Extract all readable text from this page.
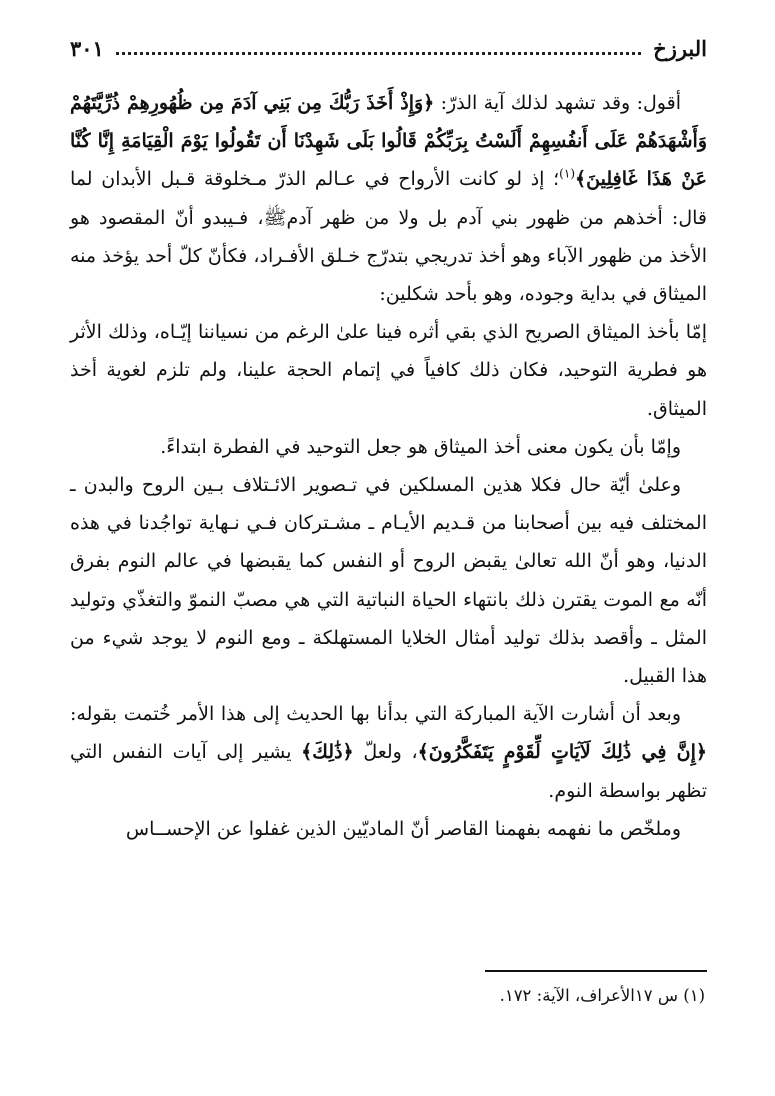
البرزخ
٣٠١

أقول: وقد تشهد لذلك آية الذرّ: ﴿وَإِذْ أَخَذَ رَبُّكَ مِن بَنِي آدَمَ مِن ظُهُورِهِمْ ذُرِّيَّتَهُمْ وَأَشْهَدَهُمْ عَلَى أَنفُسِهِمْ أَلَسْتُ بِرَبِّكُمْ قَالُوا بَلَى شَهِدْنَا أَن تَقُولُوا يَوْمَ الْقِيَامَةِ إِنَّا كُنَّا عَنْ هَذَا غَافِلِينَ﴾$^{(١)}$؛ إذ لو كانت الأرواح في عـالم الذرّ مـخلوقة قـبل الأبدان لما قال: أخذهم من ظهور بني آدم بل ولا من ظهر آدمﷺ، فـيبدو أنّ المقصود هو الأخذ من ظهور الآباء وهو أخذ تدريجي بتدرّج خـلق الأفـراد، فكأنّ كلّ أحد يؤخذ منه الميثاق في بداية وجوده، وهو بأحد شكلين:

إمّا بأخذ الميثاق الصريح الذي بقي أثره فينا علىٰ الرغم من نسياننا إيّـاه، وذلك الأثر هو فطرية التوحيد، فكان ذلك كافياً في إتمام الحجة علينا، ولم تلزم لغوية أخذ الميثاق.

وإمّا بأن يكون معنى أخذ الميثاق هو جعل التوحيد في الفطرة ابتداءً.

وعلىٰ أيّة حال فكلا هذين المسلكين في تـصوير الائـتلاف بـين الروح والبدن ـ المختلف فيه بين أصحابنا من قـديم الأيـام ـ مشـتركان فـي نـهاية تواجُدنا في هذه الدنيا، وهو أنّ الله تعالىٰ يقبض الروح أو النفس كما يقبضها في عالم النوم بفرق أنّه مع الموت يقترن ذلك بانتهاء الحياة النباتية التي هي مصبّ النموّ والتغذّي وتوليد المثل ـ وأقصد بذلك توليد أمثال الخلايا المستهلكة ـ ومع النوم لا يوجد شيء من هذا القبيل.

وبعد أن أشارت الآية المباركة التي بدأنا بها الحديث إلى هذا الأمر خُتمت بقوله: ﴿إِنَّ فِي ذَٰلِكَ لَآيَاتٍ لِّقَوْمٍ يَتَفَكَّرُونَ﴾، ولعلّ ﴿ذَٰلِكَ﴾ يشير إلى آيات النفس التي تظهر بواسطة النوم.

وملخّص ما نفهمه بفهمنا القاصر أنّ الماديّين الذين غفلوا عن الإحســاس

(١) س ١٧الأعراف، الآية: ١٧٢.
